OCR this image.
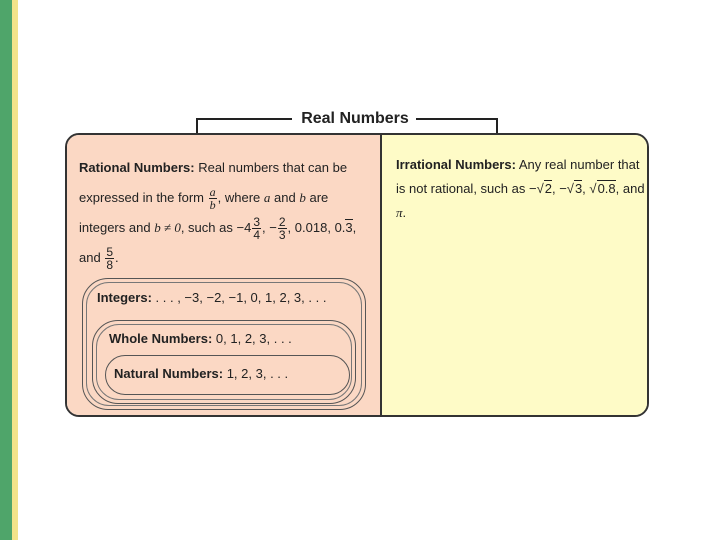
Real Numbers
Rational Numbers: Real numbers that can be expressed in the form $\frac{a}{b}$ , where a and b are integers and b ≠ 0, such as $-4 \frac{3}{4}$ , − $\frac{2}{3}$ , 0.018, 0.3, and $\frac{5}{8}$ .
Integers: . . . , −3, −2, −1, 0, 1, 2, 3, . . .
Whole Numbers: 0, 1, 2, 3, . . .
Natural Numbers: 1, 2, 3, . . .
Irrational Numbers: Any real number that is not rational, such as −√2, −√3, √0.8, and π.
